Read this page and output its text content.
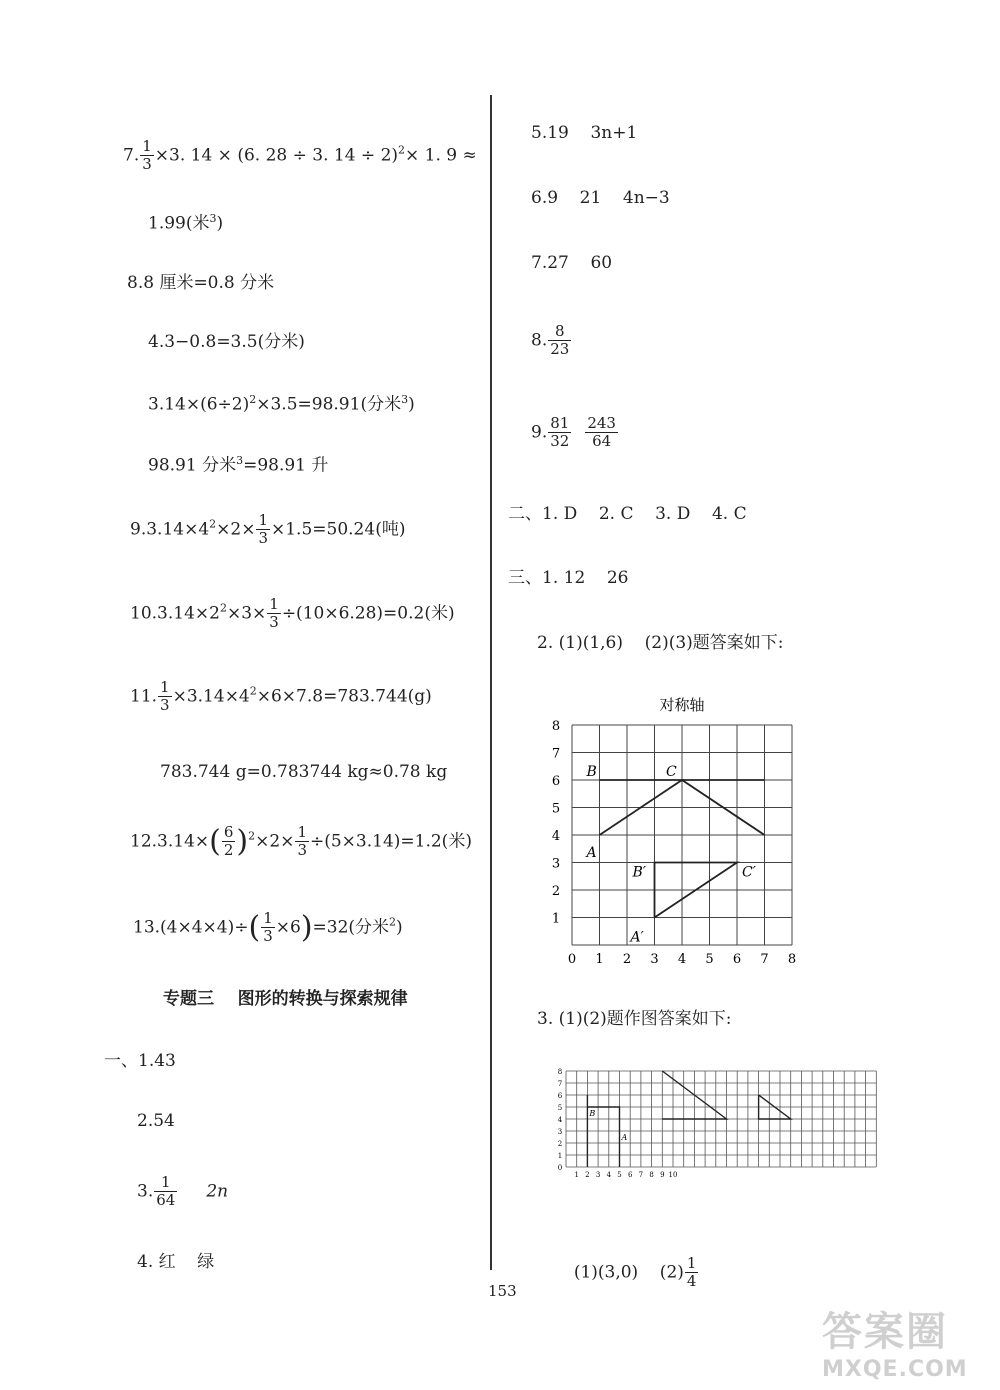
7. $\frac{1}{3} \times 3$. 14 × (6. 28 ÷ 3. 14 ÷ 2)$^2$× 1. 9 ≈
1.99(米$^3$)
8.8 厘米=0.8 分米
4.3−0.8=3.5(分米)
$3.14\times(6\div 2)^2\times 3.5=98.91$(分米$^3$)
98.91 分米$^3$=98.91 升
$9.3.14\times 4^2\times 2\times \frac{1}{3} \times 1.5=50.24$(吨)
$10.3.14\times 2^2\times 3\times \frac{1}{3} \div(10\times 6.28)=0.2$(米)
11. $\frac{1}{3} \times 3.14\times 4^2\times 6\times 7.8=783.744(g)$
783.744 g=0.783744 kg≈0.78 kg
$12.3.14\times( \frac{6}{2} )^2\times 2\times \frac{1}{3} \div(5\times 3.14)=1.2$(米)
$13.(4\times 4\times 4)\div( \frac{1}{3} \times 6)=32$(分米$^2$)
专题三    图形的转换与探索规律
一、1.43
2.54
3. $\frac{1}{64} 2n$
4. 红    绿
5.19    3n+1
6.9    21    4n−3
7.27    60
8. $\frac{8}{23}$
9. $\frac{81}{32} \frac{243}{64}$
二、1. D    2. C    3. D    4. C
三、1. 12    26
2. (1)(1,6)    (2)(3)题答案如下:
对称轴
0 1 2 3 4 5 6 7 8
1
2
3
4
5
6
7
8
B	C
A
B′	C′
A′
3. (1)(2)题作图答案如下:
1 2 3 4 5 6 7 8 9 10
0
1
2
3
4
5
6
7
8
B
A

(1)(3,0)    $(2) \frac{1}{4}$

153
答案圈
MXQE.COM
